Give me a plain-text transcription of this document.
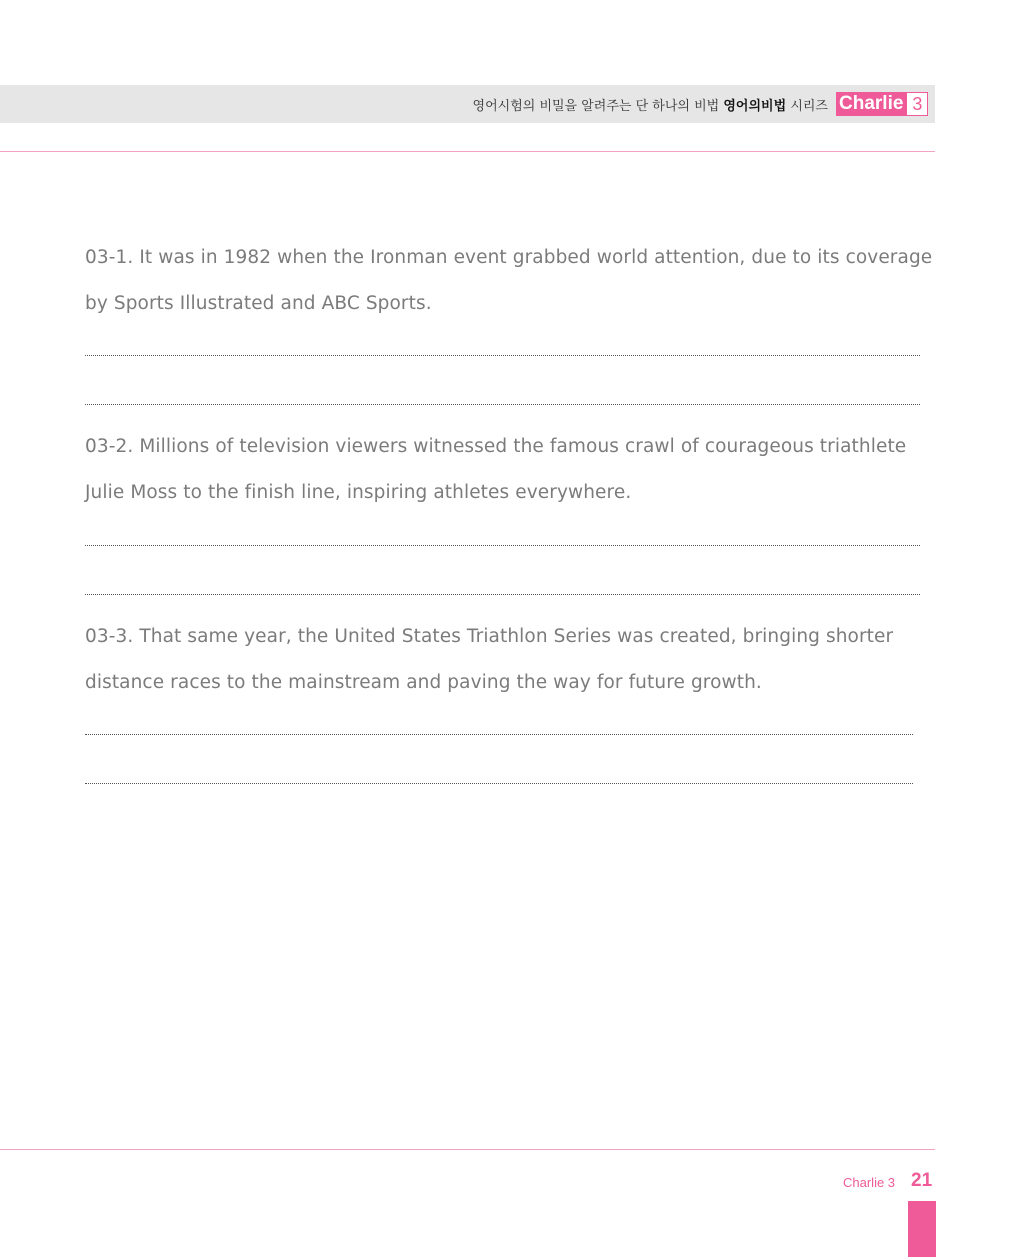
영어시험의 비밀을 알려주는 단 하나의 비법 영어의비법 시리즈 Charlie 3

03-1. It was in 1982 when the Ironman event grabbed world attention, due to its coverage
by Sports Illustrated and ABC Sports.

03-2. Millions of television viewers witnessed the famous crawl of courageous triathlete
Julie Moss to the finish line, inspiring athletes everywhere.

03-3. That same year, the United States Triathlon Series was created, bringing shorter
distance races to the mainstream and paving the way for future growth.

Charlie 3 21
